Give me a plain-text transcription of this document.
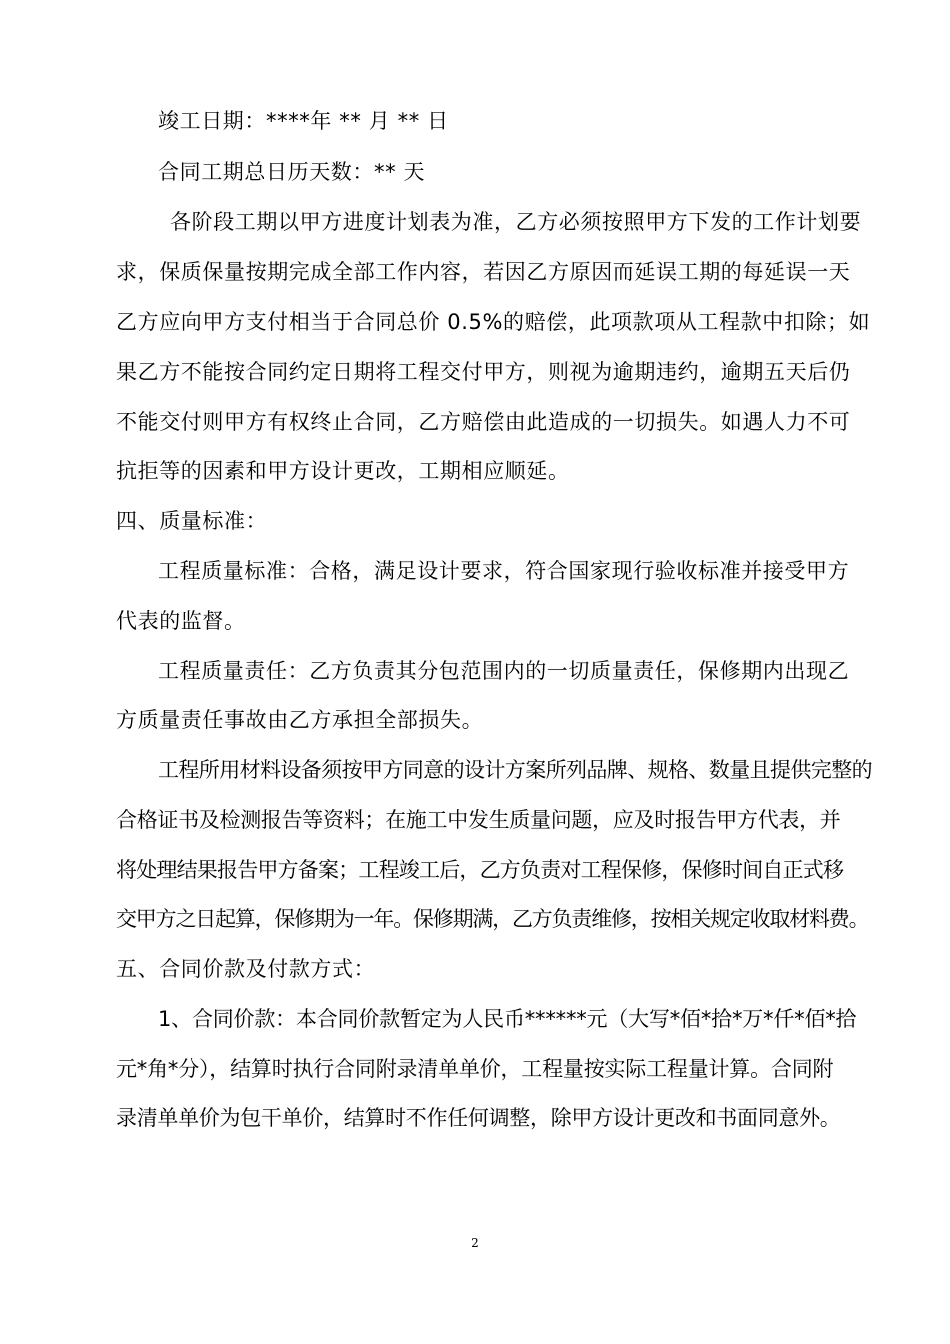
竣工日期：****年 ** 月 ** 日
合同工期总日历天数：** 天
各阶段工期以甲方进度计划表为准，乙方必须按照甲方下发的工作计划要
求，保质保量按期完成全部工作内容，若因乙方原因而延误工期的每延误一天
乙方应向甲方支付相当于合同总价 0.5%的赔偿，此项款项从工程款中扣除；如
果乙方不能按合同约定日期将工程交付甲方，则视为逾期违约，逾期五天后仍
不能交付则甲方有权终止合同，乙方赔偿由此造成的一切损失。如遇人力不可
抗拒等的因素和甲方设计更改，工期相应顺延。
四、质量标准：
工程质量标准：合格，满足设计要求，符合国家现行验收标准并接受甲方
代表的监督。
工程质量责任：乙方负责其分包范围内的一切质量责任，保修期内出现乙
方质量责任事故由乙方承担全部损失。
工程所用材料设备须按甲方同意的设计方案所列品牌、规格、数量且提供完整的
合格证书及检测报告等资料；在施工中发生质量问题，应及时报告甲方代表，并
将处理结果报告甲方备案；工程竣工后，乙方负责对工程保修，保修时间自正式移
交甲方之日起算，保修期为一年。保修期满，乙方负责维修，按相关规定收取材料费。
五、合同价款及付款方式：
1、合同价款：本合同价款暂定为人民币******元（大写*佰*拾*万*仟*佰*拾
元*角*分），结算时执行合同附录清单单价，工程量按实际工程量计算。合同附
录清单单价为包干单价，结算时不作任何调整，除甲方设计更改和书面同意外。
2
